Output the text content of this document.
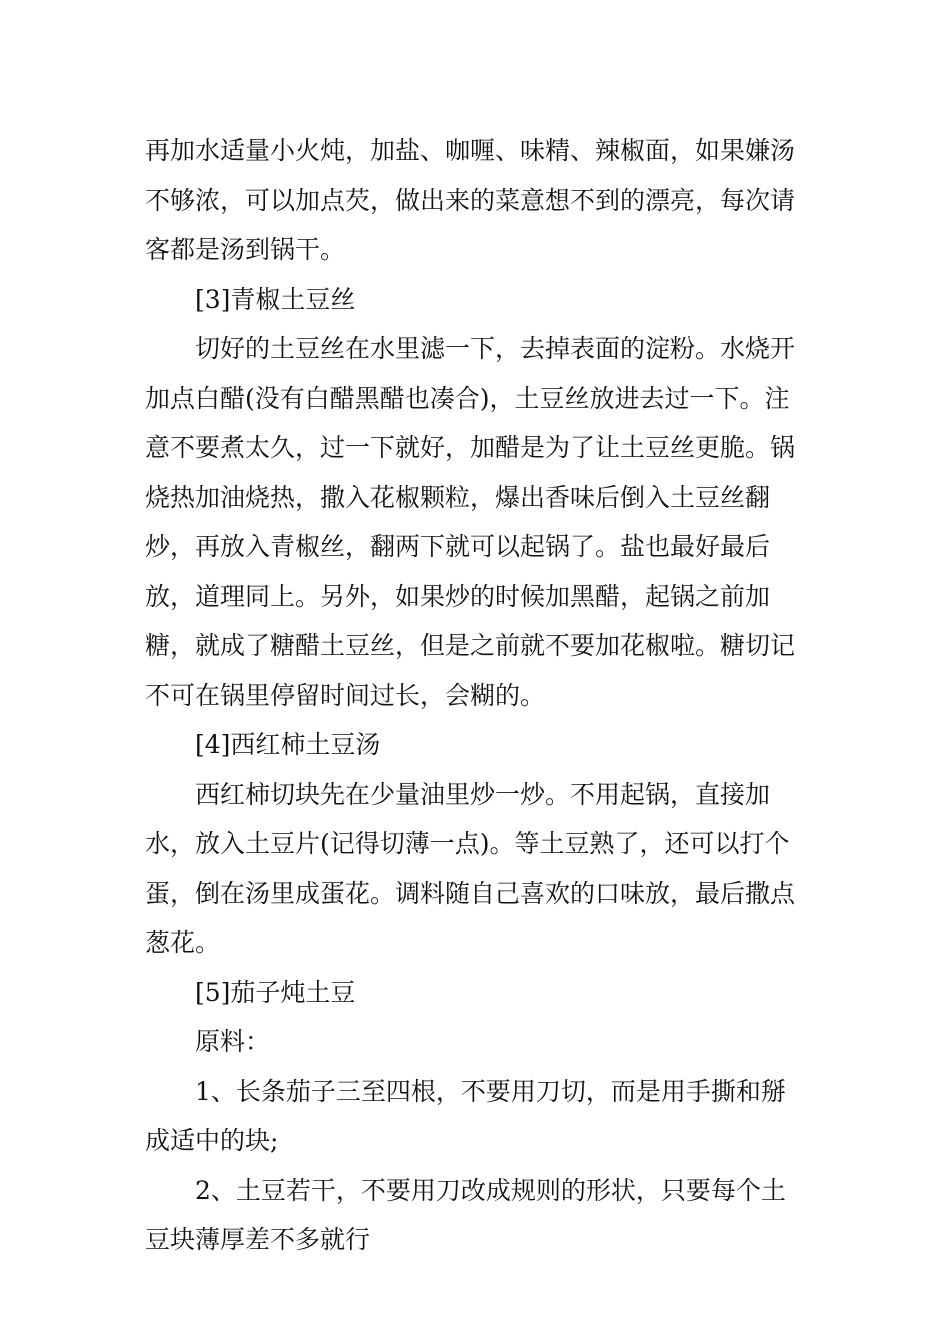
再加水适量小火炖，加盐、咖喱、味精、辣椒面，如果嫌汤不够浓，可以加点芡，做出来的菜意想不到的漂亮，每次请客都是汤到锅干。

[3]青椒土豆丝

切好的土豆丝在水里滤一下，去掉表面的淀粉。水烧开加点白醋(没有白醋黑醋也凑合)，土豆丝放进去过一下。注意不要煮太久，过一下就好，加醋是为了让土豆丝更脆。锅烧热加油烧热，撒入花椒颗粒，爆出香味后倒入土豆丝翻炒，再放入青椒丝，翻两下就可以起锅了。盐也最好最后放，道理同上。另外，如果炒的时候加黑醋，起锅之前加糖，就成了糖醋土豆丝，但是之前就不要加花椒啦。糖切记不可在锅里停留时间过长，会糊的。

[4]西红柿土豆汤

西红柿切块先在少量油里炒一炒。不用起锅，直接加水，放入土豆片(记得切薄一点)。等土豆熟了，还可以打个蛋，倒在汤里成蛋花。调料随自己喜欢的口味放，最后撒点葱花。

[5]茄子炖土豆

原料：

1、长条茄子三至四根，不要用刀切，而是用手撕和掰成适中的块;

2、土豆若干，不要用刀改成规则的形状，只要每个土豆块薄厚差不多就行
